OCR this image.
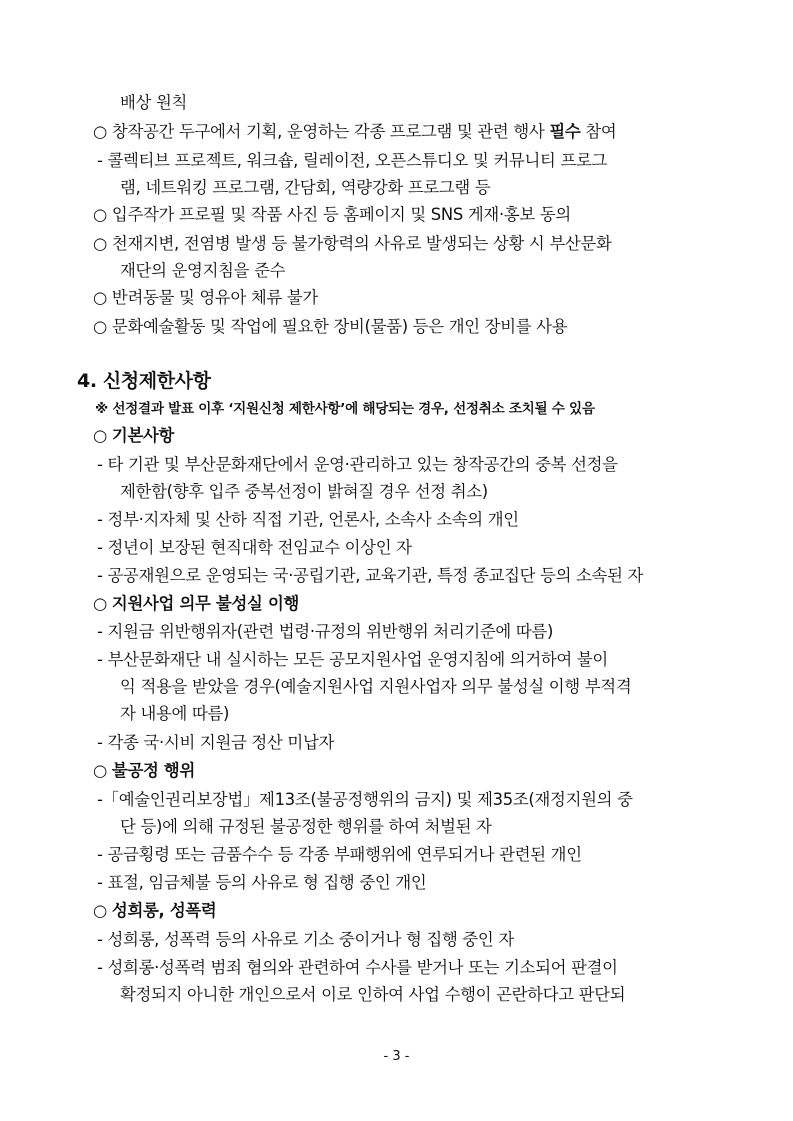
배상 원칙
○ 창작공간 두구에서 기획, 운영하는 각종 프로그램 및 관련 행사 필수 참여
- 콜렉티브 프로젝트, 워크숍, 릴레이전, 오픈스튜디오 및 커뮤니티 프로그
램, 네트워킹 프로그램, 간담회, 역량강화 프로그램 등
○ 입주작가 프로필 및 작품 사진 등 홈페이지 및 SNS 게재·홍보 동의
○ 천재지변, 전염병 발생 등 불가항력의 사유로 발생되는 상황 시 부산문화
재단의 운영지침을 준수
○ 반려동물 및 영유아 체류 불가
○ 문화예술활동 및 작업에 필요한 장비(물품) 등은 개인 장비를 사용
○ 기본사항
- 타 기관 및 부산문화재단에서 운영·관리하고 있는 창작공간의 중복 선정을
제한함(향후 입주 중복선정이 밝혀질 경우 선정 취소)
- 정부·지자체 및 산하 직접 기관, 언론사, 소속사 소속의 개인
- 정년이 보장된 현직대학 전임교수 이상인 자
- 공공재원으로 운영되는 국·공립기관, 교육기관, 특정 종교집단 등의 소속된 자
○ 지원사업 의무 불성실 이행
- 지원금 위반행위자(관련 법령·규정의 위반행위 처리기준에 따름)
- 부산문화재단 내 실시하는 모든 공모지원사업 운영지침에 의거하여 불이
익 적용을 받았을 경우(예술지원사업 지원사업자 의무 불성실 이행 부적격
자 내용에 따름)
- 각종 국·시비 지원금 정산 미납자
○ 불공정 행위
-「예술인권리보장법」제13조(불공정행위의 금지) 및 제35조(재정지원의 중
단 등)에 의해 규정된 불공정한 행위를 하여 처벌된 자
- 공금횡령 또는 금품수수 등 각종 부패행위에 연루되거나 관련된 개인
- 표절, 임금체불 등의 사유로 형 집행 중인 개인
○ 성희롱, 성폭력
- 성희롱, 성폭력 등의 사유로 기소 중이거나 형 집행 중인 자
- 성희롱·성폭력 범죄 혐의와 관련하여 수사를 받거나 또는 기소되어 판결이
확정되지 아니한 개인으로서 이로 인하여 사업 수행이 곤란하다고 판단되
4. 신청제한사항
※ 선정결과 발표 이후 ‘지원신청 제한사항’에 해당되는 경우, 선정취소 조치될 수 있음
- 3 -
